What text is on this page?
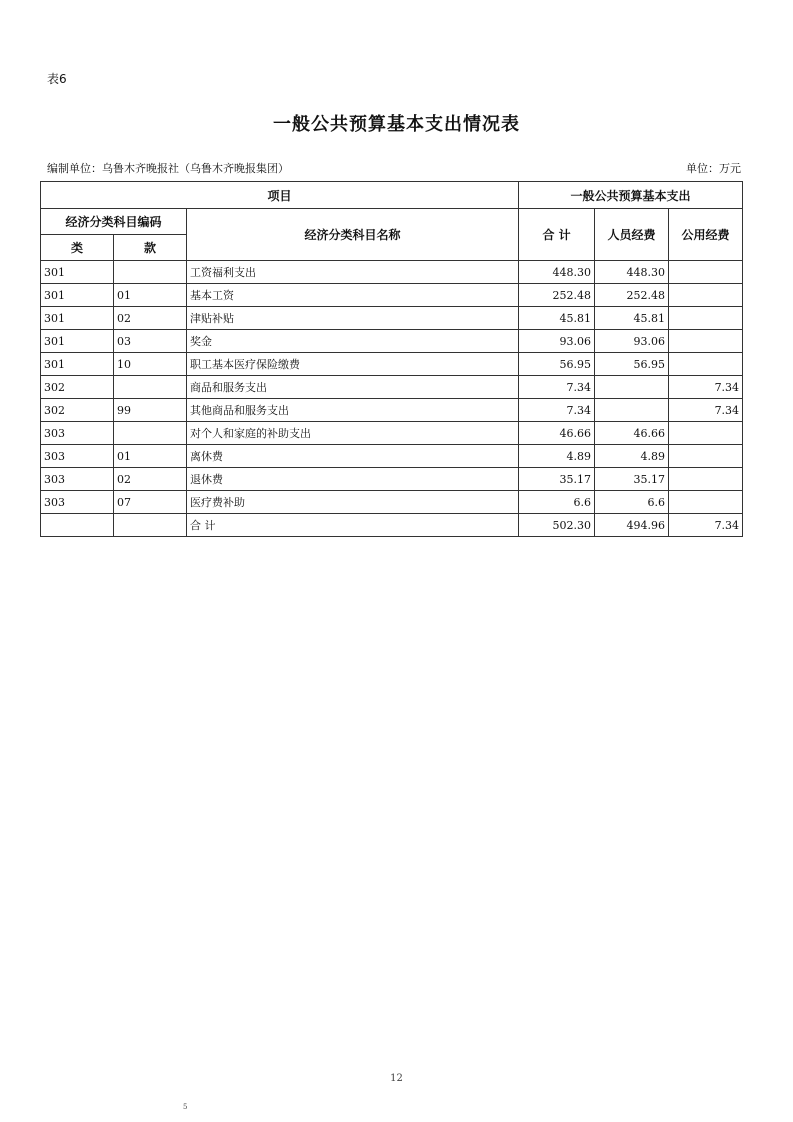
表6
一般公共预算基本支出情况表
编制单位：乌鲁木齐晚报社（乌鲁木齐晚报集团）	单位：万元
项目			一般公共预算基本支出		
经济分类科目编码		经济分类科目名称	合 计	人员经费	公用经费
类	款				
301		工资福利支出	448.30	448.30	
301	01	基本工资	252.48	252.48	
301	02	津贴补贴	45.81	45.81	
301	03	奖金	93.06	93.06	
301	10	职工基本医疗保险缴费	56.95	56.95	
302		商品和服务支出	7.34		7.34
302	99	其他商品和服务支出	7.34		7.34
303		对个人和家庭的补助支出	46.66	46.66	
303	01	离休费	4.89	4.89	
303	02	退休费	35.17	35.17	
303	07	医疗费补助	6.6	6.6	
		合 计	502.30	494.96	7.34
12
5
